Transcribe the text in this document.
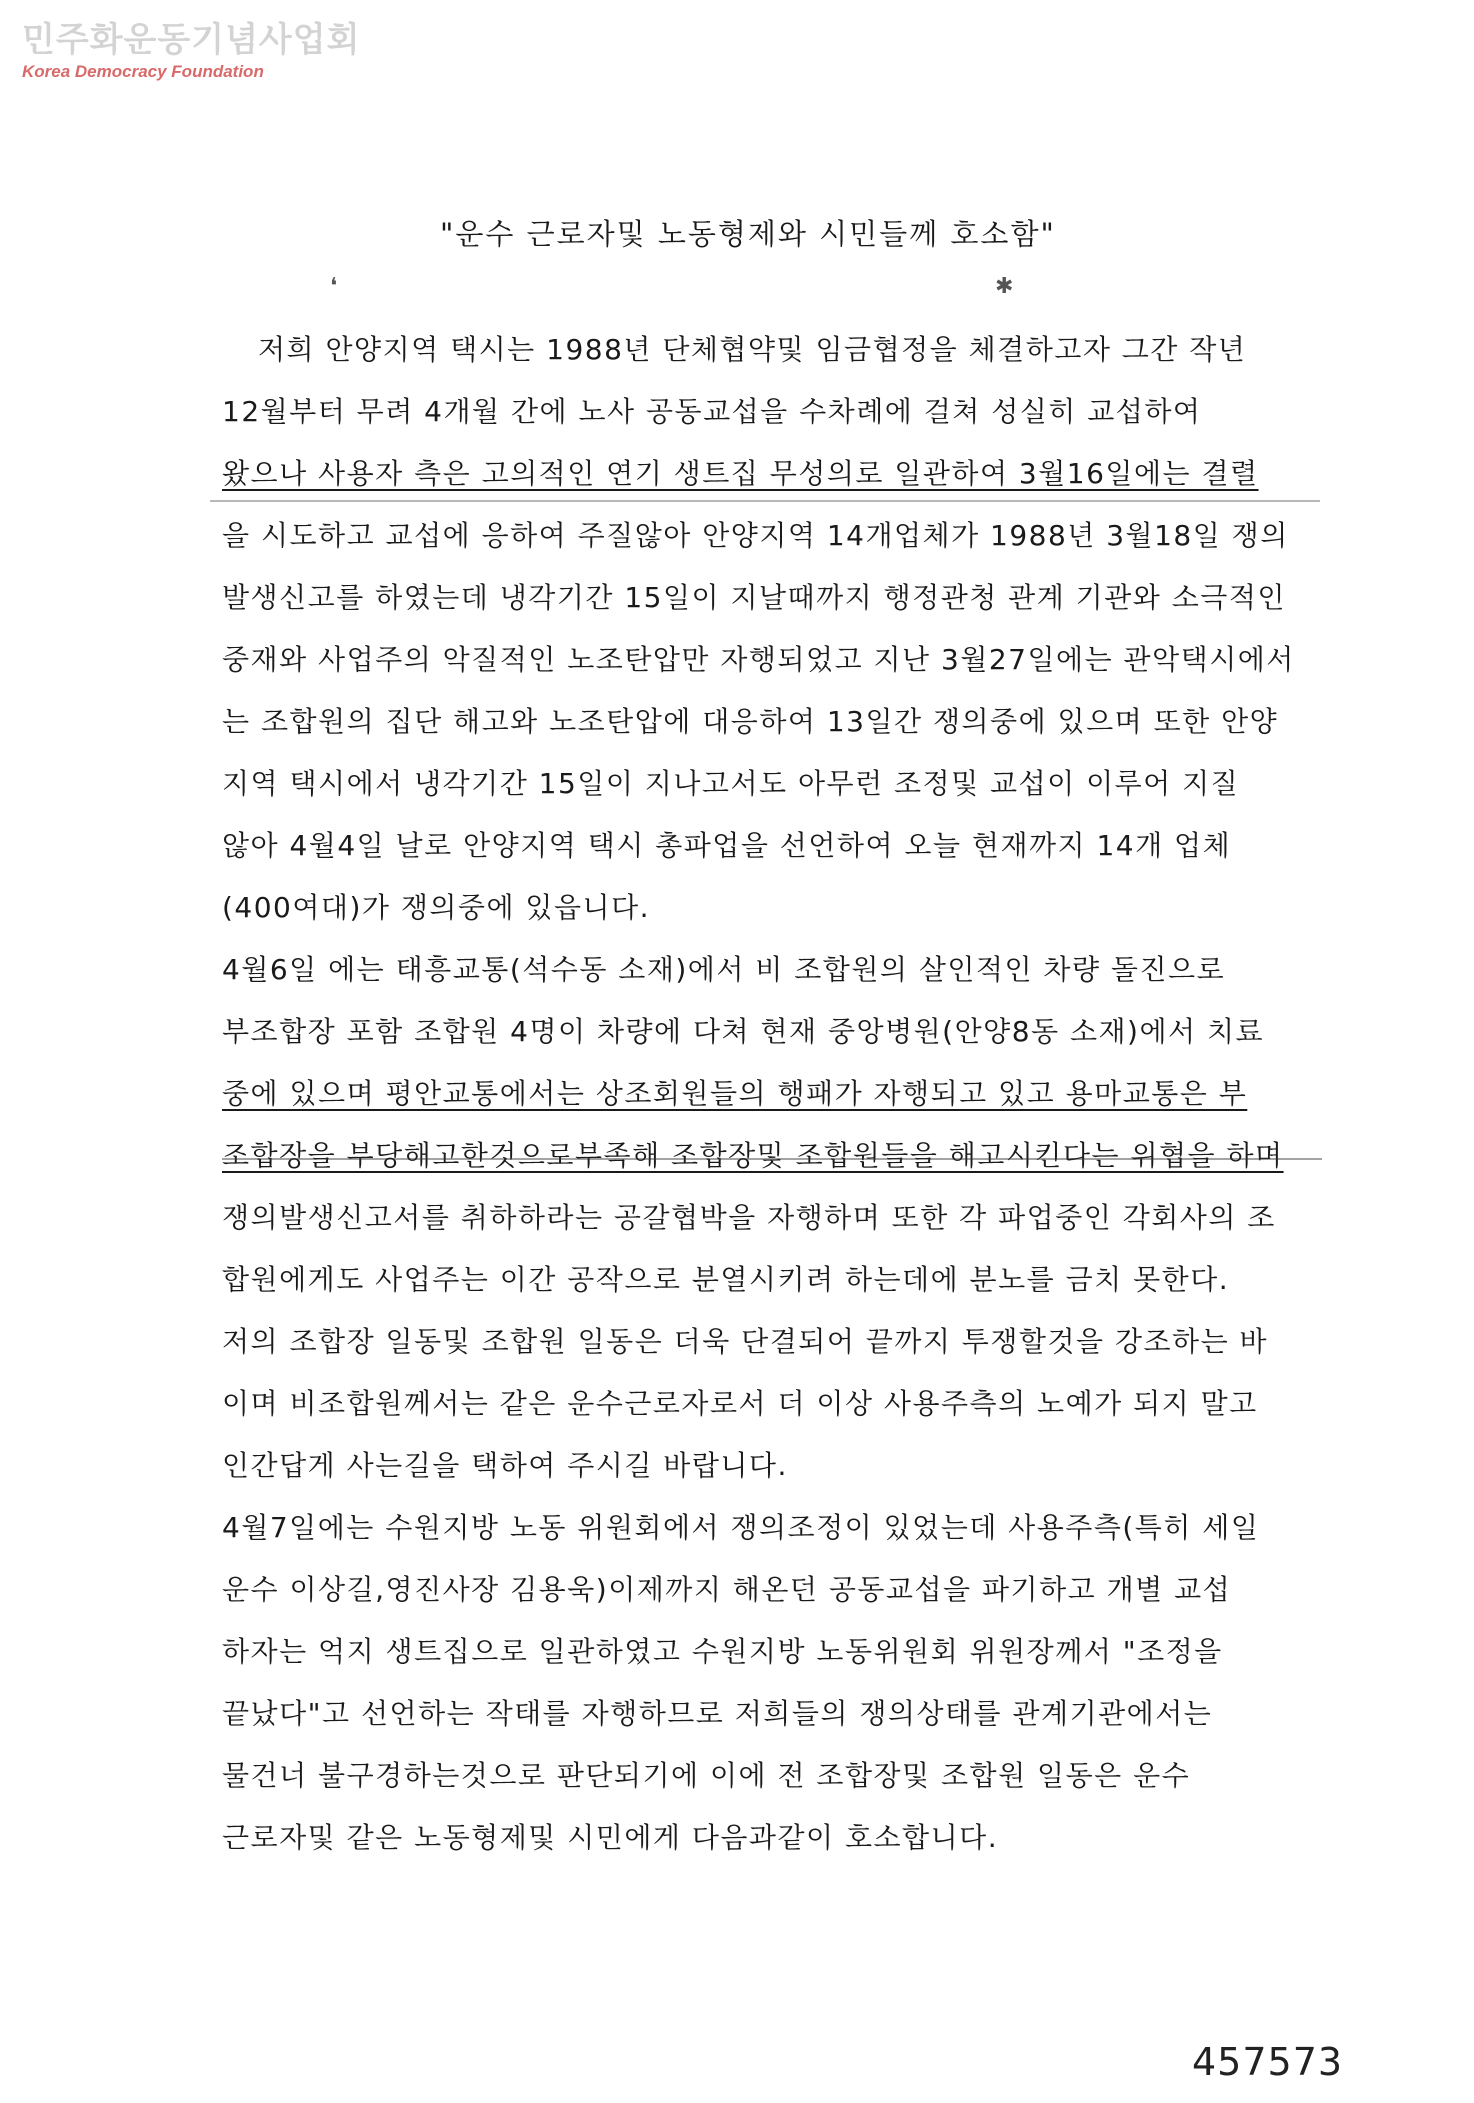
민주화운동기념사업회
Korea Democracy Foundation
"운수 근로자및 노동형제와 시민들께 호소함"
❛	✱
저희 안양지역 택시는 1988년 단체협약및 임금협정을 체결하고자 그간 작년
12월부터 무려 4개월 간에 노사 공동교섭을 수차례에 걸쳐 성실히 교섭하여
왔으나 사용자 측은 고의적인 연기 생트집 무성의로 일관하여 3월16일에는 결렬
을 시도하고 교섭에 응하여 주질않아 안양지역 14개업체가 1988년 3월18일 쟁의
발생신고를 하였는데 냉각기간 15일이 지날때까지 행정관청 관계 기관와 소극적인
중재와 사업주의 악질적인 노조탄압만 자행되었고 지난 3월27일에는 관악택시에서
는 조합원의 집단 해고와 노조탄압에 대응하여 13일간 쟁의중에 있으며 또한 안양
지역 택시에서 냉각기간 15일이 지나고서도 아무런 조정및 교섭이 이루어 지질
않아 4월4일 날로 안양지역 택시 총파업을 선언하여 오늘 현재까지 14개 업체
(400여대)가 쟁의중에 있읍니다.
4월6일 에는 태흥교통(석수동 소재)에서 비 조합원의 살인적인 차량 돌진으로
부조합장 포함 조합원 4명이 차량에 다쳐 현재 중앙병원(안양8동 소재)에서 치료
중에 있으며 평안교통에서는 상조회원들의 행패가 자행되고 있고 용마교통은 부
조합장을 부당해고한것으로부족해 조합장및 조합원들을 해고시킨다는 위협을 하며
쟁의발생신고서를 취하하라는 공갈협박을 자행하며 또한 각 파업중인 각회사의 조
합원에게도 사업주는 이간 공작으로 분열시키려 하는데에 분노를 금치 못한다.
저의 조합장 일동및 조합원 일동은 더욱 단결되어 끝까지 투쟁할것을 강조하는 바
이며 비조합원께서는 같은 운수근로자로서 더 이상 사용주측의 노예가 되지 말고
인간답게 사는길을 택하여 주시길 바랍니다.
4월7일에는 수원지방 노동 위원회에서 쟁의조정이 있었는데 사용주측(특히 세일
운수 이상길,영진사장 김용욱)이제까지 해온던 공동교섭을 파기하고 개별 교섭
하자는 억지 생트집으로 일관하였고 수원지방 노동위원회 위원장께서 "조정을
끝났다"고 선언하는 작태를 자행하므로 저희들의 쟁의상태를 관계기관에서는
물건너 불구경하는것으로 판단되기에 이에 전 조합장및 조합원 일동은 운수
근로자및 같은 노동형제및 시민에게 다음과같이 호소합니다.
457573
